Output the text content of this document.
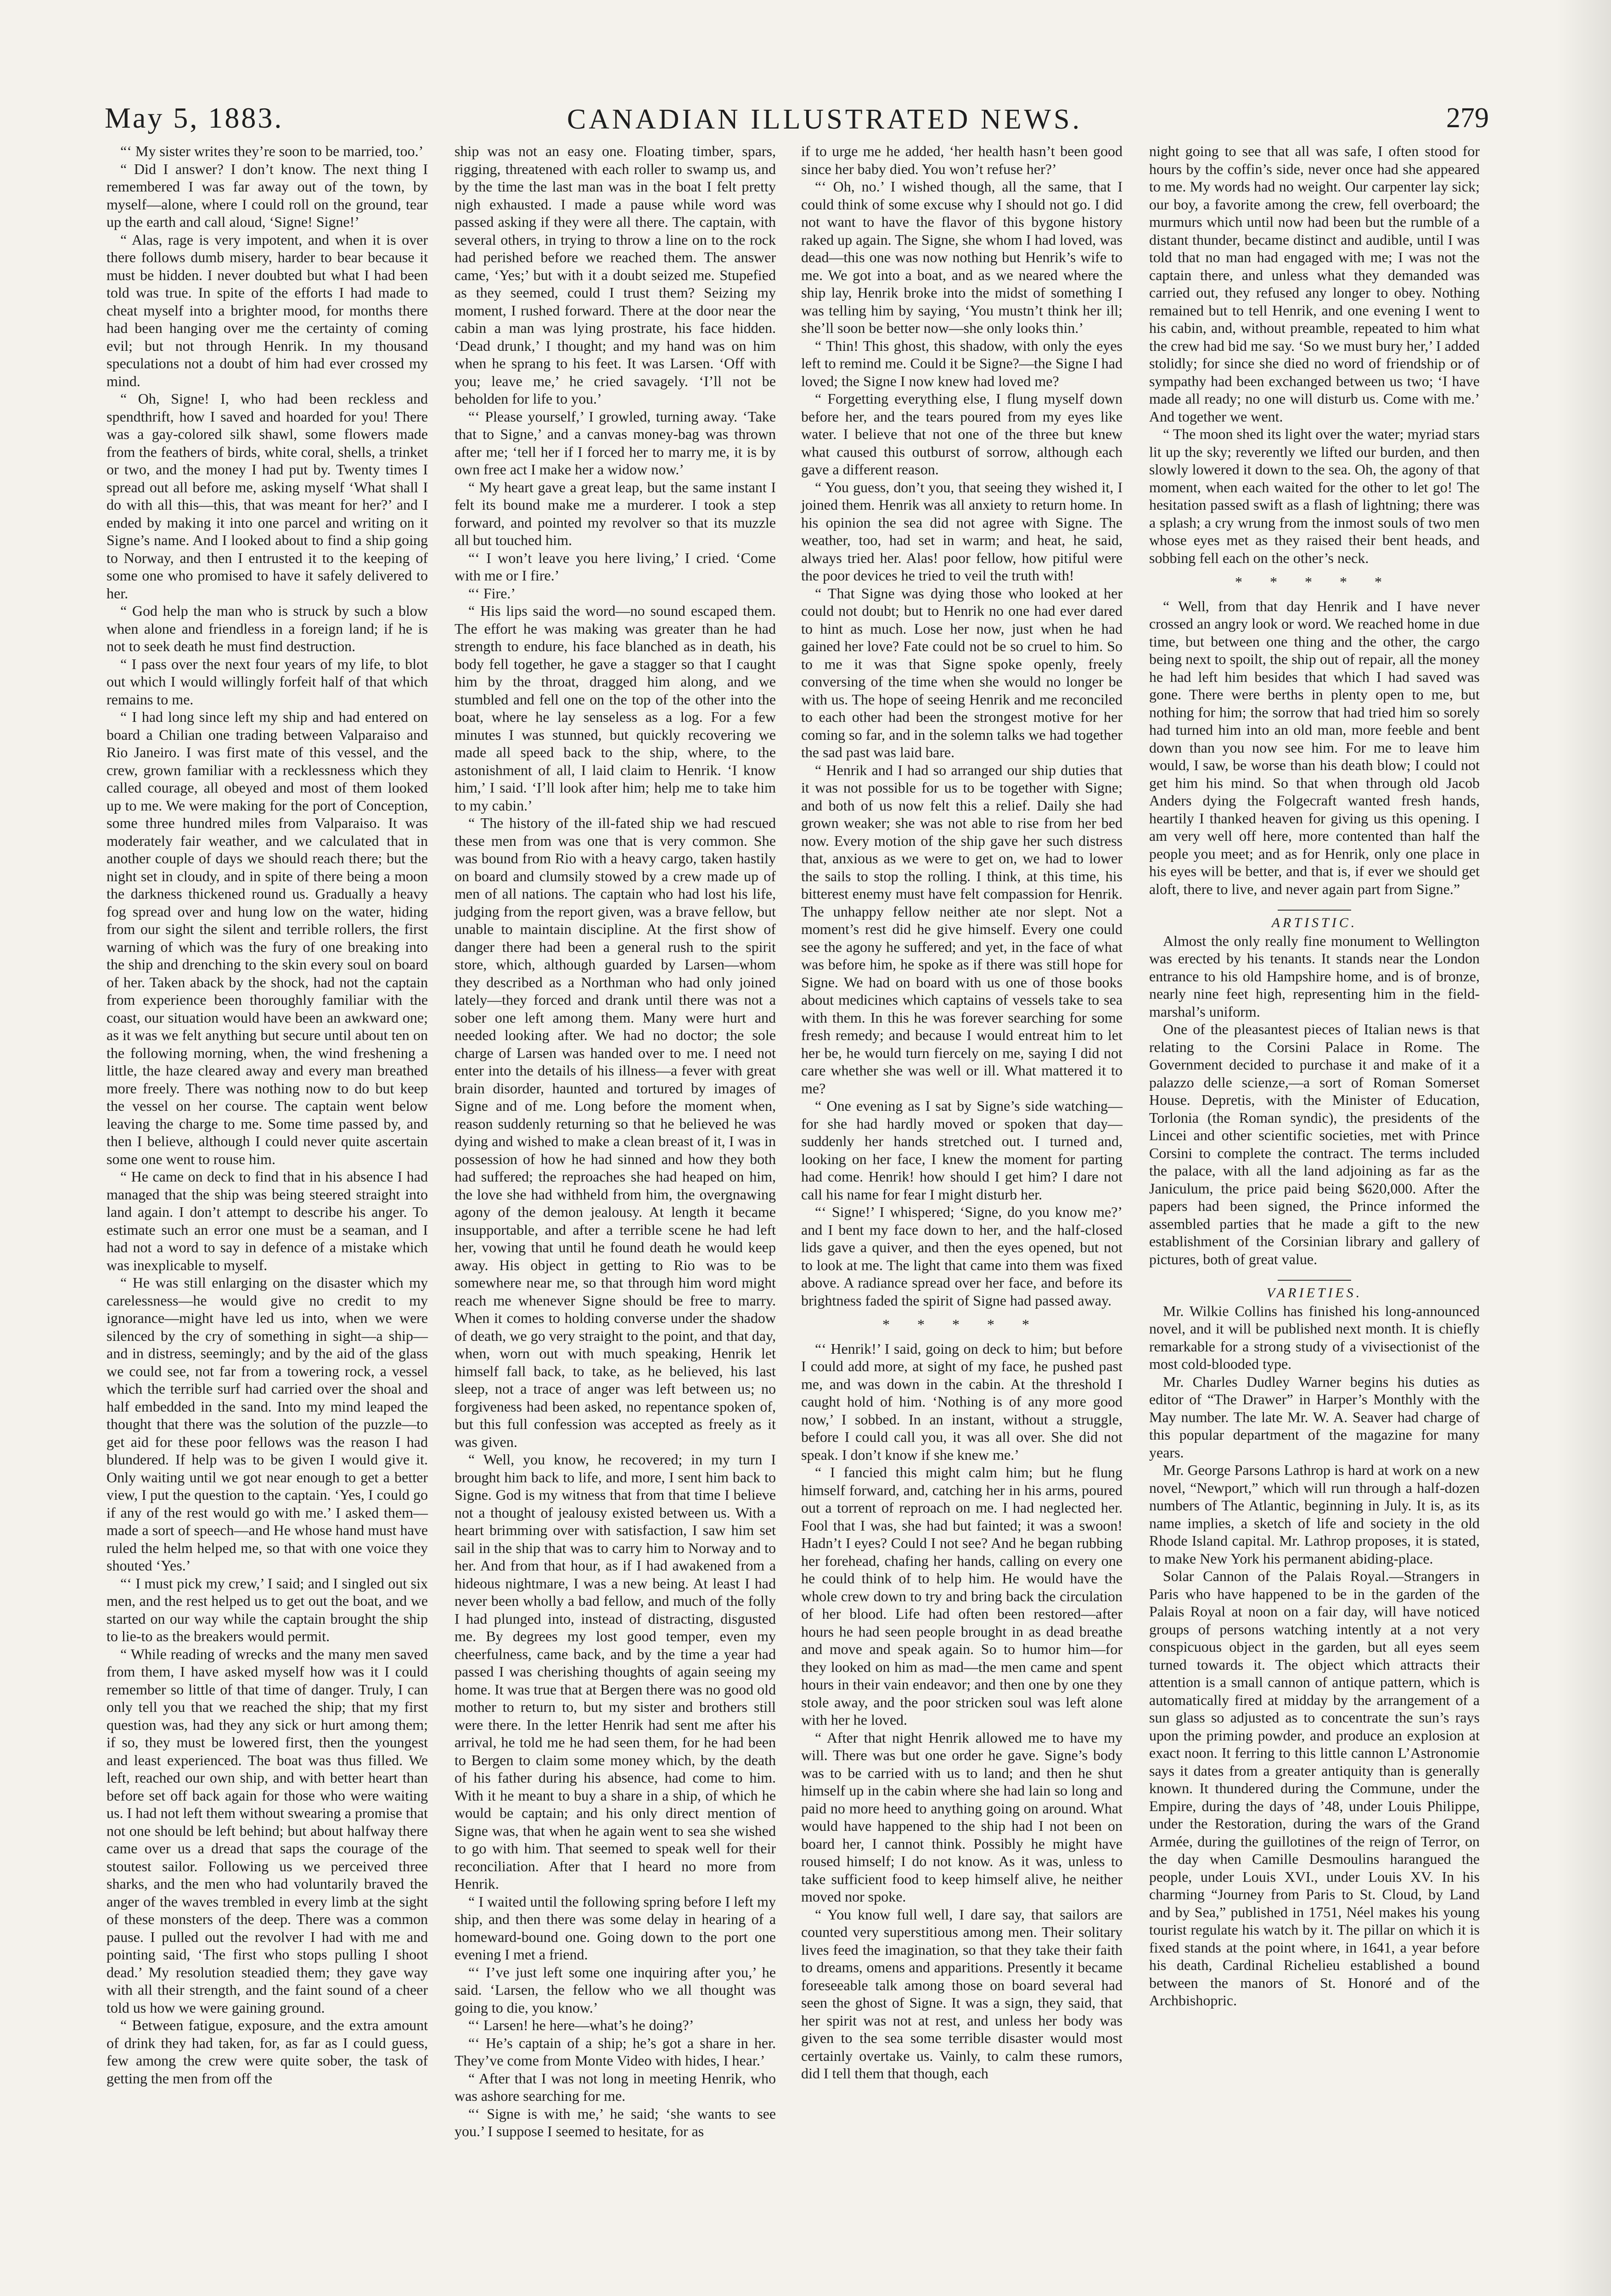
May 5, 1883.	CANADIAN ILLUSTRATED NEWS.	279

“‘ My sister writes they’re soon to be married, too.’

“ Did I answer? I don’t know. The next thing I remembered I was far away out of the town, by myself—alone, where I could roll on the ground, tear up the earth and call aloud, ‘Signe! Signe!’

“ Alas, rage is very impotent, and when it is over there follows dumb misery, harder to bear because it must be hidden. I never doubted but what I had been told was true. In spite of the efforts I had made to cheat myself into a brighter mood, for months there had been hanging over me the certainty of coming evil; but not through Henrik. In my thousand speculations not a doubt of him had ever crossed my mind.

“ Oh, Signe! I, who had been reckless and spendthrift, how I saved and hoarded for you! There was a gay-colored silk shawl, some flowers made from the feathers of birds, white coral, shells, a trinket or two, and the money I had put by. Twenty times I spread out all before me, asking myself ‘What shall I do with all this—this, that was meant for her?’ and I ended by making it into one parcel and writing on it Signe’s name. And I looked about to find a ship going to Norway, and then I entrusted it to the keeping of some one who promised to have it safely delivered to her.

“ God help the man who is struck by such a blow when alone and friendless in a foreign land; if he is not to seek death he must find destruction.

“ I pass over the next four years of my life, to blot out which I would willingly forfeit half of that which remains to me.

“ I had long since left my ship and had entered on board a Chilian one trading between Valparaiso and Rio Janeiro. I was first mate of this vessel, and the crew, grown familiar with a recklessness which they called courage, all obeyed and most of them looked up to me. We were making for the port of Conception, some three hundred miles from Valparaiso. It was moderately fair weather, and we calculated that in another couple of days we should reach there; but the night set in cloudy, and in spite of there being a moon the darkness thickened round us. Gradually a heavy fog spread over and hung low on the water, hiding from our sight the silent and terrible rollers, the first warning of which was the fury of one breaking into the ship and drenching to the skin every soul on board of her. Taken aback by the shock, had not the captain from experience been thoroughly familiar with the coast, our situation would have been an awkward one; as it was we felt anything but secure until about ten on the following morning, when, the wind freshening a little, the haze cleared away and every man breathed more freely. There was nothing now to do but keep the vessel on her course. The captain went below leaving the charge to me. Some time passed by, and then I believe, although I could never quite ascertain some one went to rouse him.

“ He came on deck to find that in his absence I had managed that the ship was being steered straight into land again. I don’t attempt to describe his anger. To estimate such an error one must be a seaman, and I had not a word to say in defence of a mistake which was inexplicable to myself.

“ He was still enlarging on the disaster which my carelessness—he would give no credit to my ignorance—might have led us into, when we were silenced by the cry of something in sight—a ship—and in distress, seemingly; and by the aid of the glass we could see, not far from a towering rock, a vessel which the terrible surf had carried over the shoal and half embedded in the sand. Into my mind leaped the thought that there was the solution of the puzzle—to get aid for these poor fellows was the reason I had blundered. If help was to be given I would give it. Only waiting until we got near enough to get a better view, I put the question to the captain. ‘Yes, I could go if any of the rest would go with me.’ I asked them—made a sort of speech—and He whose hand must have ruled the helm helped me, so that with one voice they shouted ‘Yes.’

“‘ I must pick my crew,’ I said; and I singled out six men, and the rest helped us to get out the boat, and we started on our way while the captain brought the ship to lie-to as the breakers would permit.

“ While reading of wrecks and the many men saved from them, I have asked myself how was it I could remember so little of that time of danger. Truly, I can only tell you that we reached the ship; that my first question was, had they any sick or hurt among them; if so, they must be lowered first, then the youngest and least experienced. The boat was thus filled. We left, reached our own ship, and with better heart than before set off back again for those who were waiting us. I had not left them without swearing a promise that not one should be left behind; but about halfway there came over us a dread that saps the courage of the stoutest sailor. Following us we perceived three sharks, and the men who had voluntarily braved the anger of the waves trembled in every limb at the sight of these monsters of the deep. There was a common pause. I pulled out the revolver I had with me and pointing said, ‘The first who stops pulling I shoot dead.’ My resolution steadied them; they gave way with all their strength, and the faint sound of a cheer told us how we were gaining ground.

“ Between fatigue, exposure, and the extra amount of drink they had taken, for, as far as I could guess, few among the crew were quite sober, the task of getting the men from off the

ship was not an easy one. Floating timber, spars, rigging, threatened with each roller to swamp us, and by the time the last man was in the boat I felt pretty nigh exhausted. I made a pause while word was passed asking if they were all there. The captain, with several others, in trying to throw a line on to the rock had perished before we reached them. The answer came, ‘Yes;’ but with it a doubt seized me. Stupefied as they seemed, could I trust them? Seizing my moment, I rushed forward. There at the door near the cabin a man was lying prostrate, his face hidden. ‘Dead drunk,’ I thought; and my hand was on him when he sprang to his feet. It was Larsen. ‘Off with you; leave me,’ he cried savagely. ‘I’ll not be beholden for life to you.’

“‘ Please yourself,’ I growled, turning away. ‘Take that to Signe,’ and a canvas money-bag was thrown after me; ‘tell her if I forced her to marry me, it is by own free act I make her a widow now.’

“ My heart gave a great leap, but the same instant I felt its bound make me a murderer. I took a step forward, and pointed my revolver so that its muzzle all but touched him.

“‘ I won’t leave you here living,’ I cried. ‘Come with me or I fire.’

“‘ Fire.’

“ His lips said the word—no sound escaped them. The effort he was making was greater than he had strength to endure, his face blanched as in death, his body fell together, he gave a stagger so that I caught him by the throat, dragged him along, and we stumbled and fell one on the top of the other into the boat, where he lay senseless as a log. For a few minutes I was stunned, but quickly recovering we made all speed back to the ship, where, to the astonishment of all, I laid claim to Henrik. ‘I know him,’ I said. ‘I’ll look after him; help me to take him to my cabin.’

“ The history of the ill-fated ship we had rescued these men from was one that is very common. She was bound from Rio with a heavy cargo, taken hastily on board and clumsily stowed by a crew made up of men of all nations. The captain who had lost his life, judging from the report given, was a brave fellow, but unable to maintain discipline. At the first show of danger there had been a general rush to the spirit store, which, although guarded by Larsen—whom they described as a Northman who had only joined lately—they forced and drank until there was not a sober one left among them. Many were hurt and needed looking after. We had no doctor; the sole charge of Larsen was handed over to me. I need not enter into the details of his illness—a fever with great brain disorder, haunted and tortured by images of Signe and of me. Long before the moment when, reason suddenly returning so that he believed he was dying and wished to make a clean breast of it, I was in possession of how he had sinned and how they both had suffered; the reproaches she had heaped on him, the love she had withheld from him, the overgnawing agony of the demon jealousy. At length it became insupportable, and after a terrible scene he had left her, vowing that until he found death he would keep away. His object in getting to Rio was to be somewhere near me, so that through him word might reach me whenever Signe should be free to marry. When it comes to holding converse under the shadow of death, we go very straight to the point, and that day, when, worn out with much speaking, Henrik let himself fall back, to take, as he believed, his last sleep, not a trace of anger was left between us; no forgiveness had been asked, no repentance spoken of, but this full confession was accepted as freely as it was given.

“ Well, you know, he recovered; in my turn I brought him back to life, and more, I sent him back to Signe. God is my witness that from that time I believe not a thought of jealousy existed between us. With a heart brimming over with satisfaction, I saw him set sail in the ship that was to carry him to Norway and to her. And from that hour, as if I had awakened from a hideous nightmare, I was a new being. At least I had never been wholly a bad fellow, and much of the folly I had plunged into, instead of distracting, disgusted me. By degrees my lost good temper, even my cheerfulness, came back, and by the time a year had passed I was cherishing thoughts of again seeing my home. It was true that at Bergen there was no good old mother to return to, but my sister and brothers still were there. In the letter Henrik had sent me after his arrival, he told me he had seen them, for he had been to Bergen to claim some money which, by the death of his father during his absence, had come to him. With it he meant to buy a share in a ship, of which he would be captain; and his only direct mention of Signe was, that when he again went to sea she wished to go with him. That seemed to speak well for their reconciliation. After that I heard no more from Henrik.

“ I waited until the following spring before I left my ship, and then there was some delay in hearing of a homeward-bound one. Going down to the port one evening I met a friend.

“‘ I’ve just left some one inquiring after you,’ he said. ‘Larsen, the fellow who we all thought was going to die, you know.’

“‘ Larsen! he here—what’s he doing?’

“‘ He’s captain of a ship; he’s got a share in her. They’ve come from Monte Video with hides, I hear.’

“ After that I was not long in meeting Henrik, who was ashore searching for me.

“‘ Signe is with me,’ he said; ‘she wants to see you.’ I suppose I seemed to hesitate, for as

if to urge me he added, ‘her health hasn’t been good since her baby died. You won’t refuse her?’

“‘ Oh, no.’ I wished though, all the same, that I could think of some excuse why I should not go. I did not want to have the flavor of this bygone history raked up again. The Signe, she whom I had loved, was dead—this one was now nothing but Henrik’s wife to me. We got into a boat, and as we neared where the ship lay, Henrik broke into the midst of something I was telling him by saying, ‘You mustn’t think her ill; she’ll soon be better now—she only looks thin.’

“ Thin! This ghost, this shadow, with only the eyes left to remind me. Could it be Signe?—the Signe I had loved; the Signe I now knew had loved me?

“ Forgetting everything else, I flung myself down before her, and the tears poured from my eyes like water. I believe that not one of the three but knew what caused this outburst of sorrow, although each gave a different reason.

“ You guess, don’t you, that seeing they wished it, I joined them. Henrik was all anxiety to return home. In his opinion the sea did not agree with Signe. The weather, too, had set in warm; and heat, he said, always tried her. Alas! poor fellow, how pitiful were the poor devices he tried to veil the truth with!

“ That Signe was dying those who looked at her could not doubt; but to Henrik no one had ever dared to hint as much. Lose her now, just when he had gained her love? Fate could not be so cruel to him. So to me it was that Signe spoke openly, freely conversing of the time when she would no longer be with us. The hope of seeing Henrik and me reconciled to each other had been the strongest motive for her coming so far, and in the solemn talks we had together the sad past was laid bare.

“ Henrik and I had so arranged our ship duties that it was not possible for us to be together with Signe; and both of us now felt this a relief. Daily she had grown weaker; she was not able to rise from her bed now. Every motion of the ship gave her such distress that, anxious as we were to get on, we had to lower the sails to stop the rolling. I think, at this time, his bitterest enemy must have felt compassion for Henrik. The unhappy fellow neither ate nor slept. Not a moment’s rest did he give himself. Every one could see the agony he suffered; and yet, in the face of what was before him, he spoke as if there was still hope for Signe. We had on board with us one of those books about medicines which captains of vessels take to sea with them. In this he was forever searching for some fresh remedy; and because I would entreat him to let her be, he would turn fiercely on me, saying I did not care whether she was well or ill. What mattered it to me?

“ One evening as I sat by Signe’s side watching—for she had hardly moved or spoken that day—suddenly her hands stretched out. I turned and, looking on her face, I knew the moment for parting had come. Henrik! how should I get him? I dare not call his name for fear I might disturb her.

“‘ Signe!’ I whispered; ‘Signe, do you know me?’ and I bent my face down to her, and the half-closed lids gave a quiver, and then the eyes opened, but not to look at me. The light that came into them was fixed above. A radiance spread over her face, and before its brightness faded the spirit of Signe had passed away.

* * * * *

“‘ Henrik!’ I said, going on deck to him; but before I could add more, at sight of my face, he pushed past me, and was down in the cabin. At the threshold I caught hold of him. ‘Nothing is of any more good now,’ I sobbed. In an instant, without a struggle, before I could call you, it was all over. She did not speak. I don’t know if she knew me.’

“ I fancied this might calm him; but he flung himself forward, and, catching her in his arms, poured out a torrent of reproach on me. I had neglected her. Fool that I was, she had but fainted; it was a swoon! Hadn’t I eyes? Could I not see? And he began rubbing her forehead, chafing her hands, calling on every one he could think of to help him. He would have the whole crew down to try and bring back the circulation of her blood. Life had often been restored—after hours he had seen people brought in as dead breathe and move and speak again. So to humor him—for they looked on him as mad—the men came and spent hours in their vain endeavor; and then one by one they stole away, and the poor stricken soul was left alone with her he loved.

“ After that night Henrik allowed me to have my will. There was but one order he gave. Signe’s body was to be carried with us to land; and then he shut himself up in the cabin where she had lain so long and paid no more heed to anything going on around. What would have happened to the ship had I not been on board her, I cannot think. Possibly he might have roused himself; I do not know. As it was, unless to take sufficient food to keep himself alive, he neither moved nor spoke.

“ You know full well, I dare say, that sailors are counted very superstitious among men. Their solitary lives feed the imagination, so that they take their faith to dreams, omens and apparitions. Presently it became foreseeable talk among those on board several had seen the ghost of Signe. It was a sign, they said, that her spirit was not at rest, and unless her body was given to the sea some terrible disaster would most certainly overtake us. Vainly, to calm these rumors, did I tell them that though, each

night going to see that all was safe, I often stood for hours by the coffin’s side, never once had she appeared to me. My words had no weight. Our carpenter lay sick; our boy, a favorite among the crew, fell overboard; the murmurs which until now had been but the rumble of a distant thunder, became distinct and audible, until I was told that no man had engaged with me; I was not the captain there, and unless what they demanded was carried out, they refused any longer to obey. Nothing remained but to tell Henrik, and one evening I went to his cabin, and, without preamble, repeated to him what the crew had bid me say. ‘So we must bury her,’ I added stolidly; for since she died no word of friendship or of sympathy had been exchanged between us two; ‘I have made all ready; no one will disturb us. Come with me.’ And together we went.

“ The moon shed its light over the water; myriad stars lit up the sky; reverently we lifted our burden, and then slowly lowered it down to the sea. Oh, the agony of that moment, when each waited for the other to let go! The hesitation passed swift as a flash of lightning; there was a splash; a cry wrung from the inmost souls of two men whose eyes met as they raised their bent heads, and sobbing fell each on the other’s neck.

* * * * *

“ Well, from that day Henrik and I have never crossed an angry look or word. We reached home in due time, but between one thing and the other, the cargo being next to spoilt, the ship out of repair, all the money he had left him besides that which I had saved was gone. There were berths in plenty open to me, but nothing for him; the sorrow that had tried him so sorely had turned him into an old man, more feeble and bent down than you now see him. For me to leave him would, I saw, be worse than his death blow; I could not get him his mind. So that when through old Jacob Anders dying the Folgecraft wanted fresh hands, heartily I thanked heaven for giving us this opening. I am very well off here, more contented than half the people you meet; and as for Henrik, only one place in his eyes will be better, and that is, if ever we should get aloft, there to live, and never again part from Signe.”

ARTISTIC.

Almost the only really fine monument to Wellington was erected by his tenants. It stands near the London entrance to his old Hampshire home, and is of bronze, nearly nine feet high, representing him in the field-marshal’s uniform.

One of the pleasantest pieces of Italian news is that relating to the Corsini Palace in Rome. The Government decided to purchase it and make of it a palazzo delle scienze,—a sort of Roman Somerset House. Depretis, with the Minister of Education, Torlonia (the Roman syndic), the presidents of the Lincei and other scientific societies, met with Prince Corsini to complete the contract. The terms included the palace, with all the land adjoining as far as the Janiculum, the price paid being $620,000. After the papers had been signed, the Prince informed the assembled parties that he made a gift to the new establishment of the Corsinian library and gallery of pictures, both of great value.

VARIETIES.

Mr. Wilkie Collins has finished his long-announced novel, and it will be published next month. It is chiefly remarkable for a strong study of a vivisectionist of the most cold-blooded type.

Mr. Charles Dudley Warner begins his duties as editor of “The Drawer” in Harper’s Monthly with the May number. The late Mr. W. A. Seaver had charge of this popular department of the magazine for many years.

Mr. George Parsons Lathrop is hard at work on a new novel, “Newport,” which will run through a half-dozen numbers of The Atlantic, beginning in July. It is, as its name implies, a sketch of life and society in the old Rhode Island capital. Mr. Lathrop proposes, it is stated, to make New York his permanent abiding-place.

Solar Cannon of the Palais Royal.—Strangers in Paris who have happened to be in the garden of the Palais Royal at noon on a fair day, will have noticed groups of persons watching intently at a not very conspicuous object in the garden, but all eyes seem turned towards it. The object which attracts their attention is a small cannon of antique pattern, which is automatically fired at midday by the arrangement of a sun glass so adjusted as to concentrate the sun’s rays upon the priming powder, and produce an explosion at exact noon. It ferring to this little cannon L’Astronomie says it dates from a greater antiquity than is generally known. It thundered during the Commune, under the Empire, during the days of ’48, under Louis Philippe, under the Restoration, during the wars of the Grand Armée, during the guillotines of the reign of Terror, on the day when Camille Desmoulins harangued the people, under Louis XVI., under Louis XV. In his charming “Journey from Paris to St. Cloud, by Land and by Sea,” published in 1751, Néel makes his young tourist regulate his watch by it. The pillar on which it is fixed stands at the point where, in 1641, a year before his death, Cardinal Richelieu established a bound between the manors of St. Honoré and of the Archbishopric.
